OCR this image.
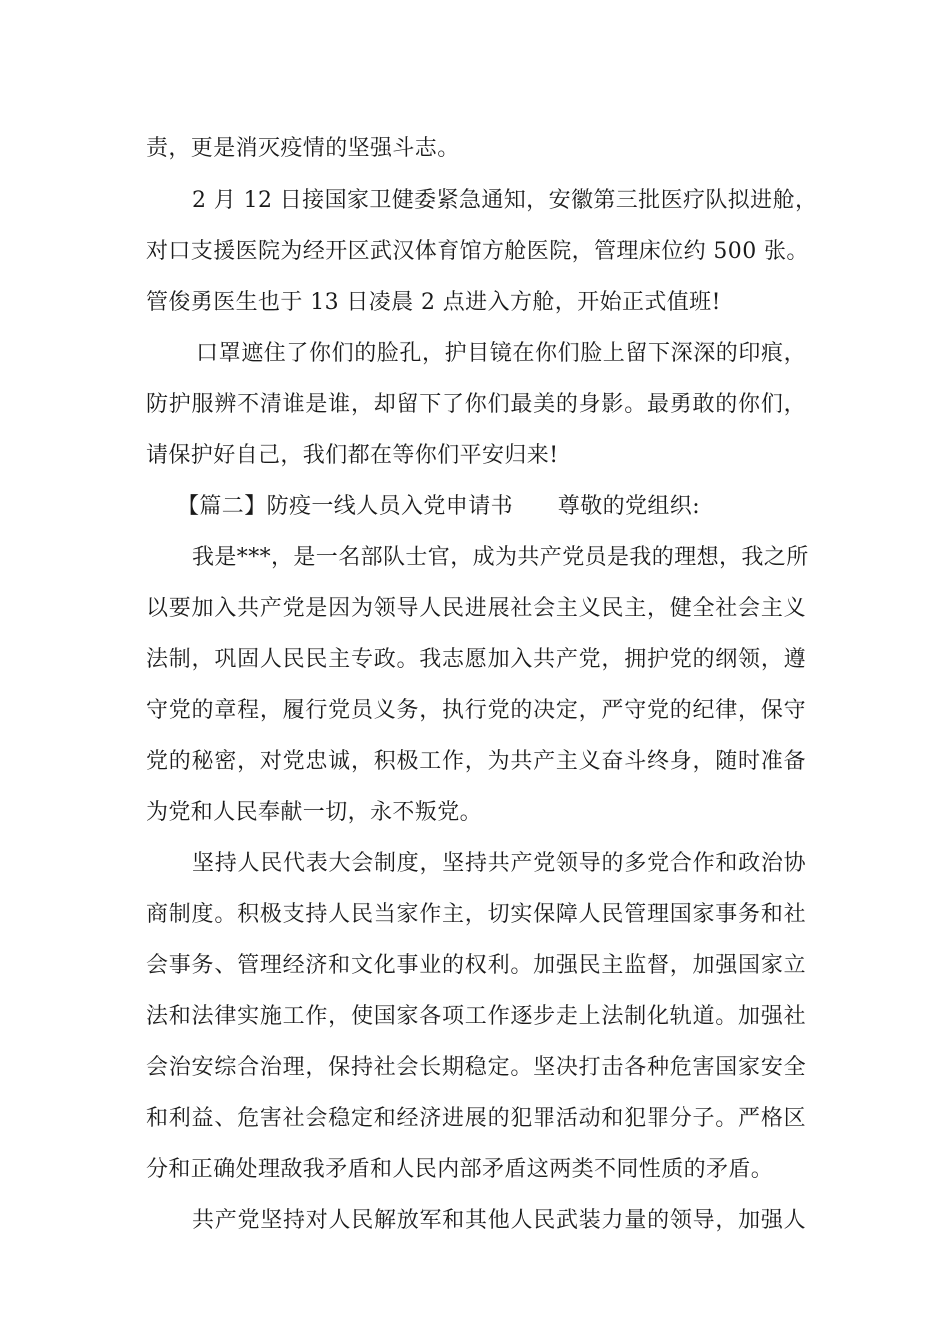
责，更是消灭疫情的坚强斗志。
2 月 12 日接国家卫健委紧急通知，安徽第三批医疗队拟进舱，
对口支援医院为经开区武汉体育馆方舱医院，管理床位约 500 张。
管俊勇医生也于 13 日凌晨 2 点进入方舱，开始正式值班!
口罩遮住了你们的脸孔，护目镜在你们脸上留下深深的印痕，
防护服辨不清谁是谁，却留下了你们最美的身影。最勇敢的你们，
请保护好自己，我们都在等你们平安归来!
【篇二】防疫一线人员入党申请书　　尊敬的党组织:
我是***，是一名部队士官，成为共产党员是我的理想，我之所
以要加入共产党是因为领导人民进展社会主义民主，健全社会主义
法制，巩固人民民主专政。我志愿加入共产党，拥护党的纲领，遵
守党的章程，履行党员义务，执行党的决定，严守党的纪律，保守
党的秘密，对党忠诚，积极工作，为共产主义奋斗终身，随时准备
为党和人民奉献一切，永不叛党。
坚持人民代表大会制度，坚持共产党领导的多党合作和政治协
商制度。积极支持人民当家作主，切实保障人民管理国家事务和社
会事务、管理经济和文化事业的权利。加强民主监督，加强国家立
法和法律实施工作，使国家各项工作逐步走上法制化轨道。加强社
会治安综合治理，保持社会长期稳定。坚决打击各种危害国家安全
和利益、危害社会稳定和经济进展的犯罪活动和犯罪分子。严格区
分和正确处理敌我矛盾和人民内部矛盾这两类不同性质的矛盾。
共产党坚持对人民解放军和其他人民武装力量的领导，加强人
